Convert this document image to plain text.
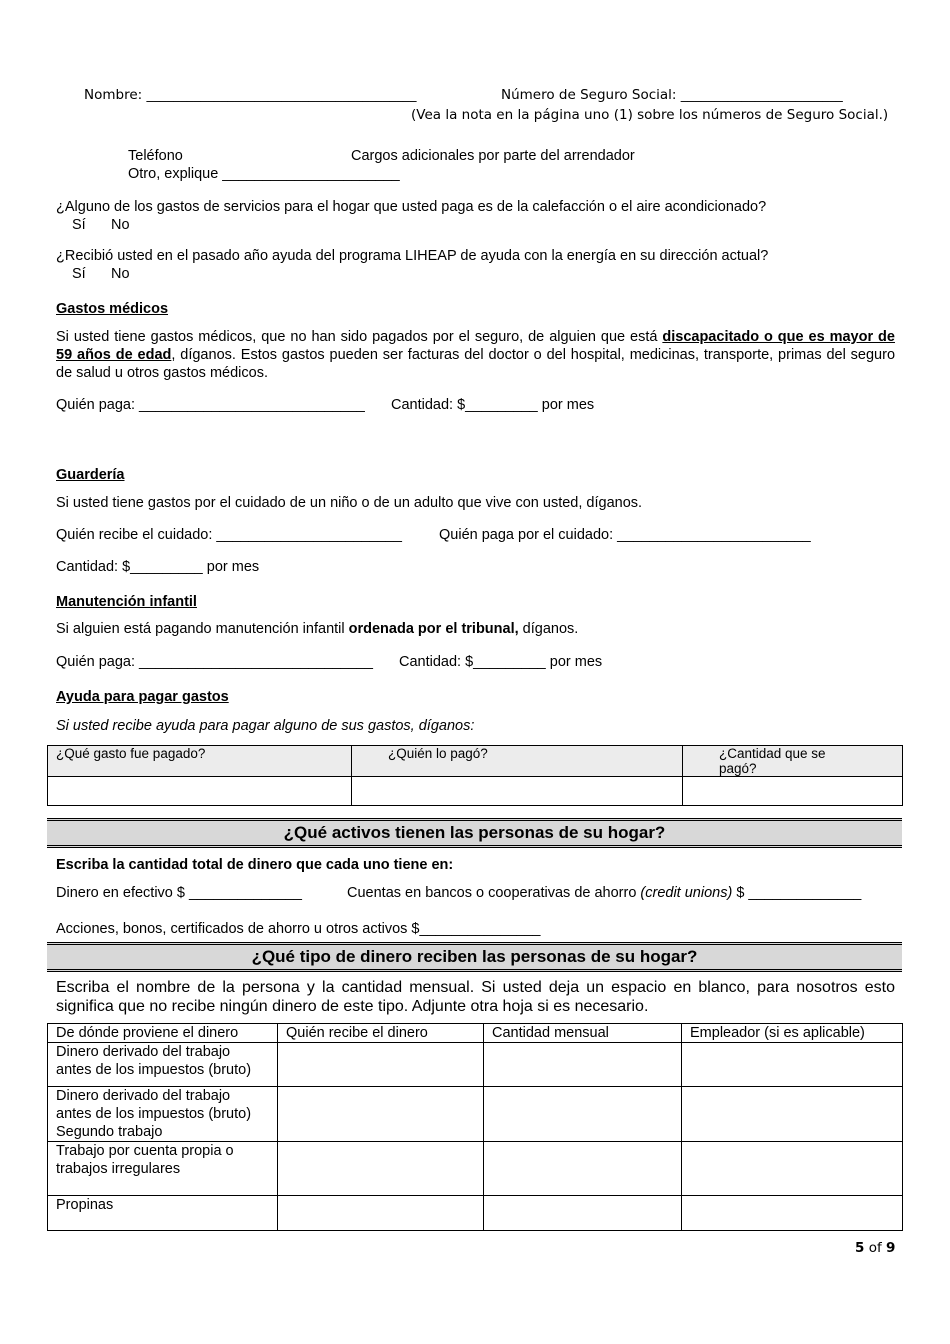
Nombre: ________________________________________	Número de Seguro Social: ________________________
(Vea la nota en la página uno (1) sobre los números de Seguro Social.)
Teléfono	Cargos adicionales por parte del arrendador
Otro, explique ______________________
¿Alguno de los gastos de servicios para el hogar que usted paga es de la calefacción o el aire acondicionado?
Sí No
¿Recibió usted en el pasado año ayuda del programa LIHEAP de ayuda con la energía en su dirección actual?
Sí No
Gastos médicos
Si usted tiene gastos médicos, que no han sido pagados por el seguro, de alguien que está discapacitado o que es mayor de 59 años de edad, díganos. Estos gastos pueden ser facturas del doctor o del hospital, medicinas, transporte, primas del seguro de salud u otros gastos médicos.
Quién paga: ____________________________ Cantidad: $_________ por mes
Guardería
Si usted tiene gastos por el cuidado de un niño o de un adulto que vive con usted, díganos.
Quién recibe el cuidado: _______________________	Quién paga por el cuidado: ________________________
Cantidad: $_________ por mes
Manutención infantil
Si alguien está pagando manutención infantil ordenada por el tribunal, díganos.
Quién paga: _____________________________ Cantidad: $_________ por mes
Ayuda para pagar gastos
Si usted recibe ayuda para pagar alguno de sus gastos, díganos:
¿Qué gasto fue pagado?	¿Quién lo pagó?	¿Cantidad que se pagó?

¿Qué activos tienen las personas de su hogar?
Escriba la cantidad total de dinero que cada uno tiene en:
Dinero en efectivo $ ______________	Cuentas en bancos o cooperativas de ahorro (credit unions) $ ______________
Acciones, bonos, certificados de ahorro u otros activos $_______________
¿Qué tipo de dinero reciben las personas de su hogar?
Escriba el nombre de la persona y la cantidad mensual. Si usted deja un espacio en blanco, para nosotros esto significa que no recibe ningún dinero de este tipo. Adjunte otra hoja si es necesario.
De dónde proviene el dinero	Quién recibe el dinero	Cantidad mensual	Empleador (si es aplicable)
Dinero derivado del trabajo antes de los impuestos (bruto)			
Dinero derivado del trabajo antes de los impuestos (bruto) Segundo trabajo			
Trabajo por cuenta propia o trabajos irregulares			
Propinas			
5 of 9
